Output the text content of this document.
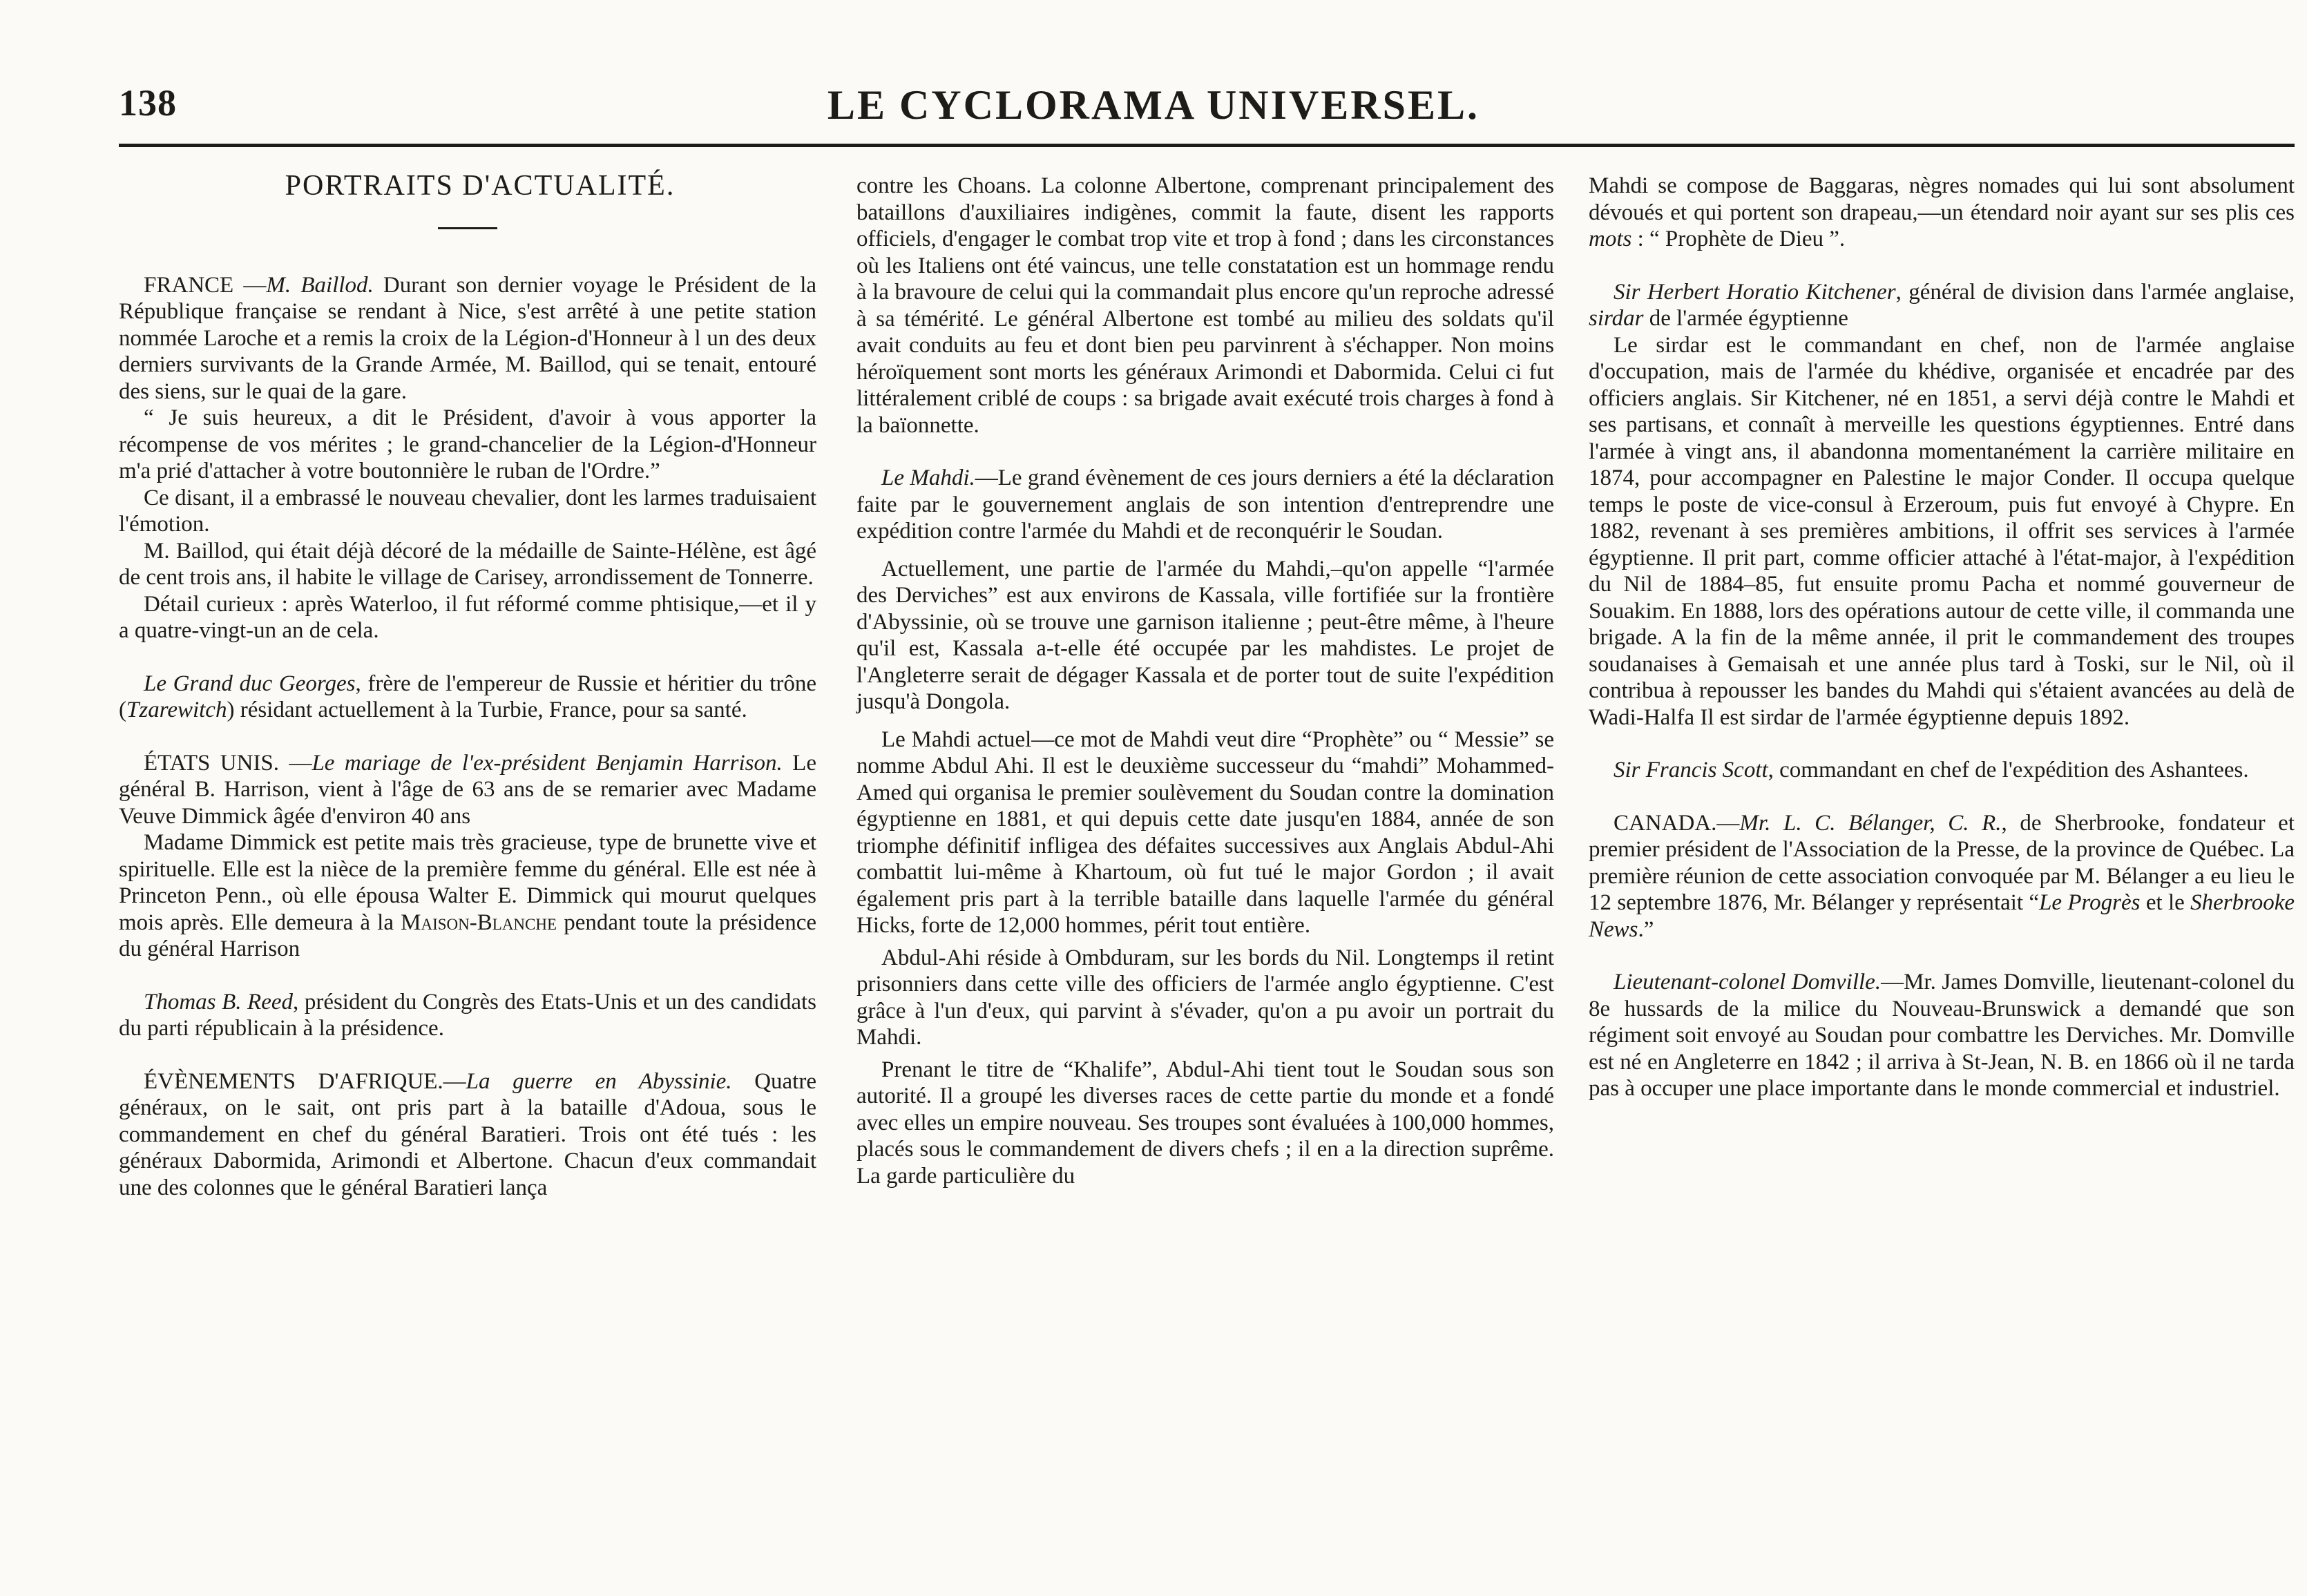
138	LE CYCLORAMA UNIVERSEL.

PORTRAITS D'ACTUALITÉ.

FRANCE —M. Baillod. Durant son dernier voyage le Président de la République française se rendant à Nice, s'est arrêté à une petite station nommée Laroche et a remis la croix de la Légion-d'Honneur à l un des deux derniers survivants de la Grande Armée, M. Baillod, qui se tenait, entouré des siens, sur le quai de la gare.

“ Je suis heureux, a dit le Président, d'avoir à vous apporter la récompense de vos mérites ; le grand-chancelier de la Légion-d'Honneur m'a prié d'attacher à votre boutonnière le ruban de l'Ordre.”

Ce disant, il a embrassé le nouveau chevalier, dont les larmes traduisaient l'émotion.

M. Baillod, qui était déjà décoré de la médaille de Sainte-Hélène, est âgé de cent trois ans, il habite le village de Carisey, arrondissement de Tonnerre.

Détail curieux : après Waterloo, il fut réformé comme phtisique,—et il y a quatre-vingt-un an de cela.

Le Grand duc Georges, frère de l'empereur de Russie et héritier du trône (Tzarewitch) résidant actuellement à la Turbie, France, pour sa santé.

ÉTATS UNIS. —Le mariage de l'ex-président Benjamin Harrison. Le général B. Harrison, vient à l'âge de 63 ans de se remarier avec Madame Veuve Dimmick âgée d'environ 40 ans

Madame Dimmick est petite mais très gracieuse, type de brunette vive et spirituelle. Elle est la nièce de la première femme du général. Elle est née à Princeton Penn., où elle épousa Walter E. Dimmick qui mourut quelques mois après. Elle demeura à la Maison-Blanche pendant toute la présidence du général Harrison

Thomas B. Reed, président du Congrès des Etats-Unis et un des candidats du parti républicain à la présidence.

ÉVÈNEMENTS D'AFRIQUE.—La guerre en Abyssinie. Quatre généraux, on le sait, ont pris part à la bataille d'Adoua, sous le commandement en chef du général Baratieri. Trois ont été tués : les généraux Dabormida, Arimondi et Albertone. Chacun d'eux commandait une des colonnes que le général Baratieri lança

contre les Choans. La colonne Albertone, comprenant principalement des bataillons d'auxiliaires indigènes, commit la faute, disent les rapports officiels, d'engager le combat trop vite et trop à fond ; dans les circonstances où les Italiens ont été vaincus, une telle constatation est un hommage rendu à la bravoure de celui qui la commandait plus encore qu'un reproche adressé à sa témérité. Le général Albertone est tombé au milieu des soldats qu'il avait conduits au feu et dont bien peu parvinrent à s'échapper. Non moins héroïquement sont morts les généraux Arimondi et Dabormida. Celui ci fut littéralement criblé de coups : sa brigade avait exécuté trois charges à fond à la baïonnette.

Le Mahdi.—Le grand évènement de ces jours derniers a été la déclaration faite par le gouvernement anglais de son intention d'entreprendre une expédition contre l'armée du Mahdi et de reconquérir le Soudan.

Actuellement, une partie de l'armée du Mahdi,–qu'on appelle “l'armée des Derviches” est aux environs de Kassala, ville fortifiée sur la frontière d'Abyssinie, où se trouve une garnison italienne ; peut-être même, à l'heure qu'il est, Kassala a-t-elle été occupée par les mahdistes. Le projet de l'Angleterre serait de dégager Kassala et de porter tout de suite l'expédition jusqu'à Dongola.

Le Mahdi actuel—ce mot de Mahdi veut dire “Prophète” ou “ Messie” se nomme Abdul Ahi. Il est le deuxième successeur du “mahdi” Mohammed-Amed qui organisa le premier soulèvement du Soudan contre la domination égyptienne en 1881, et qui depuis cette date jusqu'en 1884, année de son triomphe définitif infligea des défaites successives aux Anglais Abdul-Ahi combattit lui-même à Khartoum, où fut tué le major Gordon ; il avait également pris part à la terrible bataille dans laquelle l'armée du général Hicks, forte de 12,000 hommes, périt tout entière.

Abdul-Ahi réside à Ombduram, sur les bords du Nil. Longtemps il retint prisonniers dans cette ville des officiers de l'armée anglo égyptienne. C'est grâce à l'un d'eux, qui parvint à s'évader, qu'on a pu avoir un portrait du Mahdi.

Prenant le titre de “Khalife”, Abdul-Ahi tient tout le Soudan sous son autorité. Il a groupé les diverses races de cette partie du monde et a fondé avec elles un empire nouveau. Ses troupes sont évaluées à 100,000 hommes, placés sous le commandement de divers chefs ; il en a la direction suprême. La garde particulière du

Mahdi se compose de Baggaras, nègres nomades qui lui sont absolument dévoués et qui portent son drapeau,—un étendard noir ayant sur ses plis ces mots : “ Prophète de Dieu ”.

Sir Herbert Horatio Kitchener, général de division dans l'armée anglaise, sirdar de l'armée égyptienne

Le sirdar est le commandant en chef, non de l'armée anglaise d'occupation, mais de l'armée du khédive, organisée et encadrée par des officiers anglais. Sir Kitchener, né en 1851, a servi déjà contre le Mahdi et ses partisans, et connaît à merveille les questions égyptiennes. Entré dans l'armée à vingt ans, il abandonna momentanément la carrière militaire en 1874, pour accompagner en Palestine le major Conder. Il occupa quelque temps le poste de vice-consul à Erzeroum, puis fut envoyé à Chypre. En 1882, revenant à ses premières ambitions, il offrit ses services à l'armée égyptienne. Il prit part, comme officier attaché à l'état-major, à l'expédition du Nil de 1884–85, fut ensuite promu Pacha et nommé gouverneur de Souakim. En 1888, lors des opérations autour de cette ville, il commanda une brigade. A la fin de la même année, il prit le commandement des troupes soudanaises à Gemaisah et une année plus tard à Toski, sur le Nil, où il contribua à repousser les bandes du Mahdi qui s'étaient avancées au delà de Wadi-Halfa Il est sirdar de l'armée égyptienne depuis 1892.

Sir Francis Scott, commandant en chef de l'expédition des Ashantees.

CANADA.—Mr. L. C. Bélanger, C. R., de Sherbrooke, fondateur et premier président de l'Association de la Presse, de la province de Québec. La première réunion de cette association convoquée par M. Bélanger a eu lieu le 12 septembre 1876, Mr. Bélanger y représentait “Le Progrès et le Sherbrooke News.”

Lieutenant-colonel Domville.—Mr. James Domville, lieutenant-colonel du 8e hussards de la milice du Nouveau-Brunswick a demandé que son régiment soit envoyé au Soudan pour combattre les Derviches. Mr. Domville est né en Angleterre en 1842 ; il arriva à St-Jean, N. B. en 1866 où il ne tarda pas à occuper une place importante dans le monde commercial et industriel.
